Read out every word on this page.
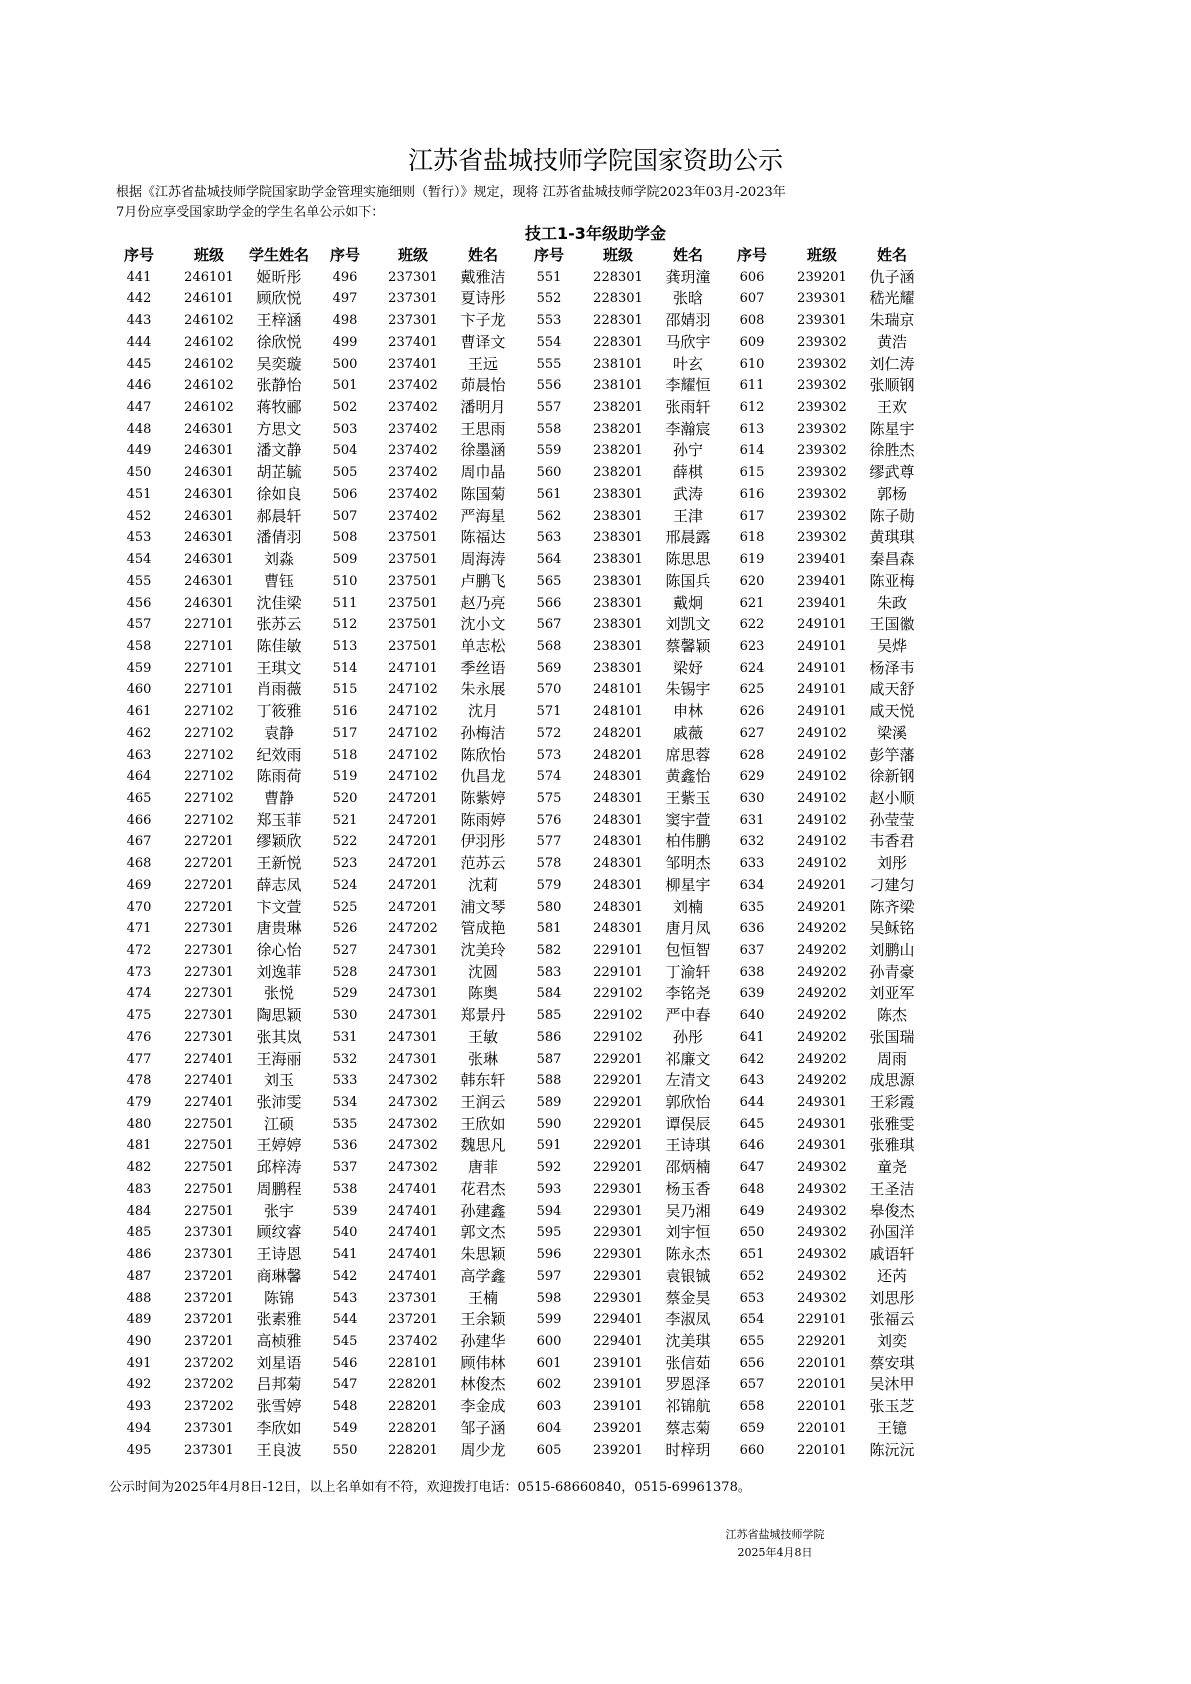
江苏省盐城技师学院国家资助公示
根据《江苏省盐城技师学院国家助学金管理实施细则（暂行）》规定，现将 江苏省盐城技师学院2023年03月-2023年
7月份应享受国家助学金的学生名单公示如下：
技工1-3年级助学金
序号	班级	学生姓名	序号	班级	姓名	序号	班级	姓名	序号	班级	姓名
441	246101	姬昕彤	496	237301	戴雅洁	551	228301	龚玥潼	606	239201	仇子涵
442	246101	顾欣悦	497	237301	夏诗彤	552	228301	张晗	607	239301	嵇光耀
443	246102	王梓涵	498	237301	卞子龙	553	228301	邵婧羽	608	239301	朱瑞京
444	246102	徐欣悦	499	237401	曹译文	554	228301	马欣宇	609	239302	黄浩
445	246102	吴奕璇	500	237401	王远	555	238101	叶玄	610	239302	刘仁涛
446	246102	张静怡	501	237402	茆晨怡	556	238101	李耀恒	611	239302	张顺钢
447	246102	蒋牧郦	502	237402	潘明月	557	238201	张雨轩	612	239302	王欢
448	246301	方思文	503	237402	王思雨	558	238201	李瀚宸	613	239302	陈星宇
449	246301	潘文静	504	237402	徐墨涵	559	238201	孙宁	614	239302	徐胜杰
450	246301	胡芷毓	505	237402	周巾晶	560	238201	薛棋	615	239302	缪武尊
451	246301	徐如良	506	237402	陈国菊	561	238301	武涛	616	239302	郭杨
452	246301	郝晨轩	507	237402	严海星	562	238301	王津	617	239302	陈子勋
453	246301	潘倩羽	508	237501	陈福达	563	238301	邢晨露	618	239302	黄琪琪
454	246301	刘淼	509	237501	周海涛	564	238301	陈思思	619	239401	秦昌森
455	246301	曹钰	510	237501	卢鹏飞	565	238301	陈国兵	620	239401	陈亚梅
456	246301	沈佳梁	511	237501	赵乃亮	566	238301	戴炯	621	239401	朱政
457	227101	张苏云	512	237501	沈小文	567	238301	刘凯文	622	249101	王国徽
458	227101	陈佳敏	513	237501	单志松	568	238301	蔡馨颖	623	249101	吴烨
459	227101	王琪文	514	247101	季丝语	569	238301	梁妤	624	249101	杨泽韦
460	227101	肖雨薇	515	247102	朱永展	570	248101	朱锡宇	625	249101	咸天舒
461	227102	丁筱雅	516	247102	沈月	571	248101	申林	626	249101	咸天悦
462	227102	袁静	517	247102	孙梅洁	572	248201	戚薇	627	249102	梁溪
463	227102	纪效雨	518	247102	陈欣怡	573	248201	席思蓉	628	249102	彭竽藩
464	227102	陈雨荷	519	247102	仇昌龙	574	248301	黄鑫怡	629	249102	徐新钢
465	227102	曹静	520	247201	陈紫婷	575	248301	王紫玉	630	249102	赵小顺
466	227102	郑玉菲	521	247201	陈雨婷	576	248301	窦宇萱	631	249102	孙莹莹
467	227201	缪颖欣	522	247201	伊羽彤	577	248301	柏伟鹏	632	249102	韦香君
468	227201	王新悦	523	247201	范苏云	578	248301	邹明杰	633	249102	刘彤
469	227201	薛志凤	524	247201	沈莉	579	248301	柳星宇	634	249201	刁建匀
470	227201	卞文萱	525	247201	浦文琴	580	248301	刘楠	635	249201	陈齐梁
471	227301	唐贵琳	526	247202	管成艳	581	248301	唐月凤	636	249202	吴稣铭
472	227301	徐心怡	527	247301	沈美玲	582	229101	包恒智	637	249202	刘鹏山
473	227301	刘逸菲	528	247301	沈圆	583	229101	丁渝轩	638	249202	孙青豪
474	227301	张悦	529	247301	陈奥	584	229102	李铭尧	639	249202	刘亚军
475	227301	陶思颖	530	247301	郑景丹	585	229102	严中春	640	249202	陈杰
476	227301	张其岚	531	247301	王敏	586	229102	孙彤	641	249202	张国瑞
477	227401	王海丽	532	247301	张琳	587	229201	祁廉文	642	249202	周雨
478	227401	刘玉	533	247302	韩东轩	588	229201	左清文	643	249202	成思源
479	227401	张沛雯	534	247302	王润云	589	229201	郭欣怡	644	249301	王彩霞
480	227501	江硕	535	247302	王欣如	590	229201	谭俣辰	645	249301	张雅雯
481	227501	王婷婷	536	247302	魏思凡	591	229201	王诗琪	646	249301	张雅琪
482	227501	邱梓涛	537	247302	唐菲	592	229201	邵炳楠	647	249302	童尧
483	227501	周鹏程	538	247401	花君杰	593	229301	杨玉香	648	249302	王圣洁
484	227501	张宇	539	247401	孙建鑫	594	229301	吴乃湘	649	249302	皋俊杰
485	237301	顾纹睿	540	247401	郭文杰	595	229301	刘宇恒	650	249302	孙国洋
486	237301	王诗恩	541	247401	朱思颖	596	229301	陈永杰	651	249302	戚语轩
487	237201	商琳馨	542	247401	高学鑫	597	229301	袁银铖	652	249302	还芮
488	237201	陈锦	543	237301	王楠	598	229301	蔡金昊	653	249302	刘思彤
489	237201	张素雅	544	237201	王余颖	599	229401	李淑凤	654	229101	张福云
490	237201	高桢雅	545	237402	孙建华	600	229401	沈美琪	655	229201	刘奕
491	237202	刘星语	546	228101	顾伟林	601	239101	张信茹	656	220101	蔡安琪
492	237202	吕邦菊	547	228201	林俊杰	602	239101	罗恩泽	657	220101	吴沐甲
493	237202	张雪婷	548	228201	李金成	603	239101	祁锦航	658	220101	张玉芝
494	237301	李欣如	549	228201	邹子涵	604	239201	蔡志菊	659	220101	王镱
495	237301	王良波	550	228201	周少龙	605	239201	时梓玥	660	220101	陈沅沅
公示时间为2025年4月8日-12日，以上名单如有不符，欢迎拨打电话：0515-68660840，0515-69961378。
江苏省盐城技师学院
2025年4月8日
